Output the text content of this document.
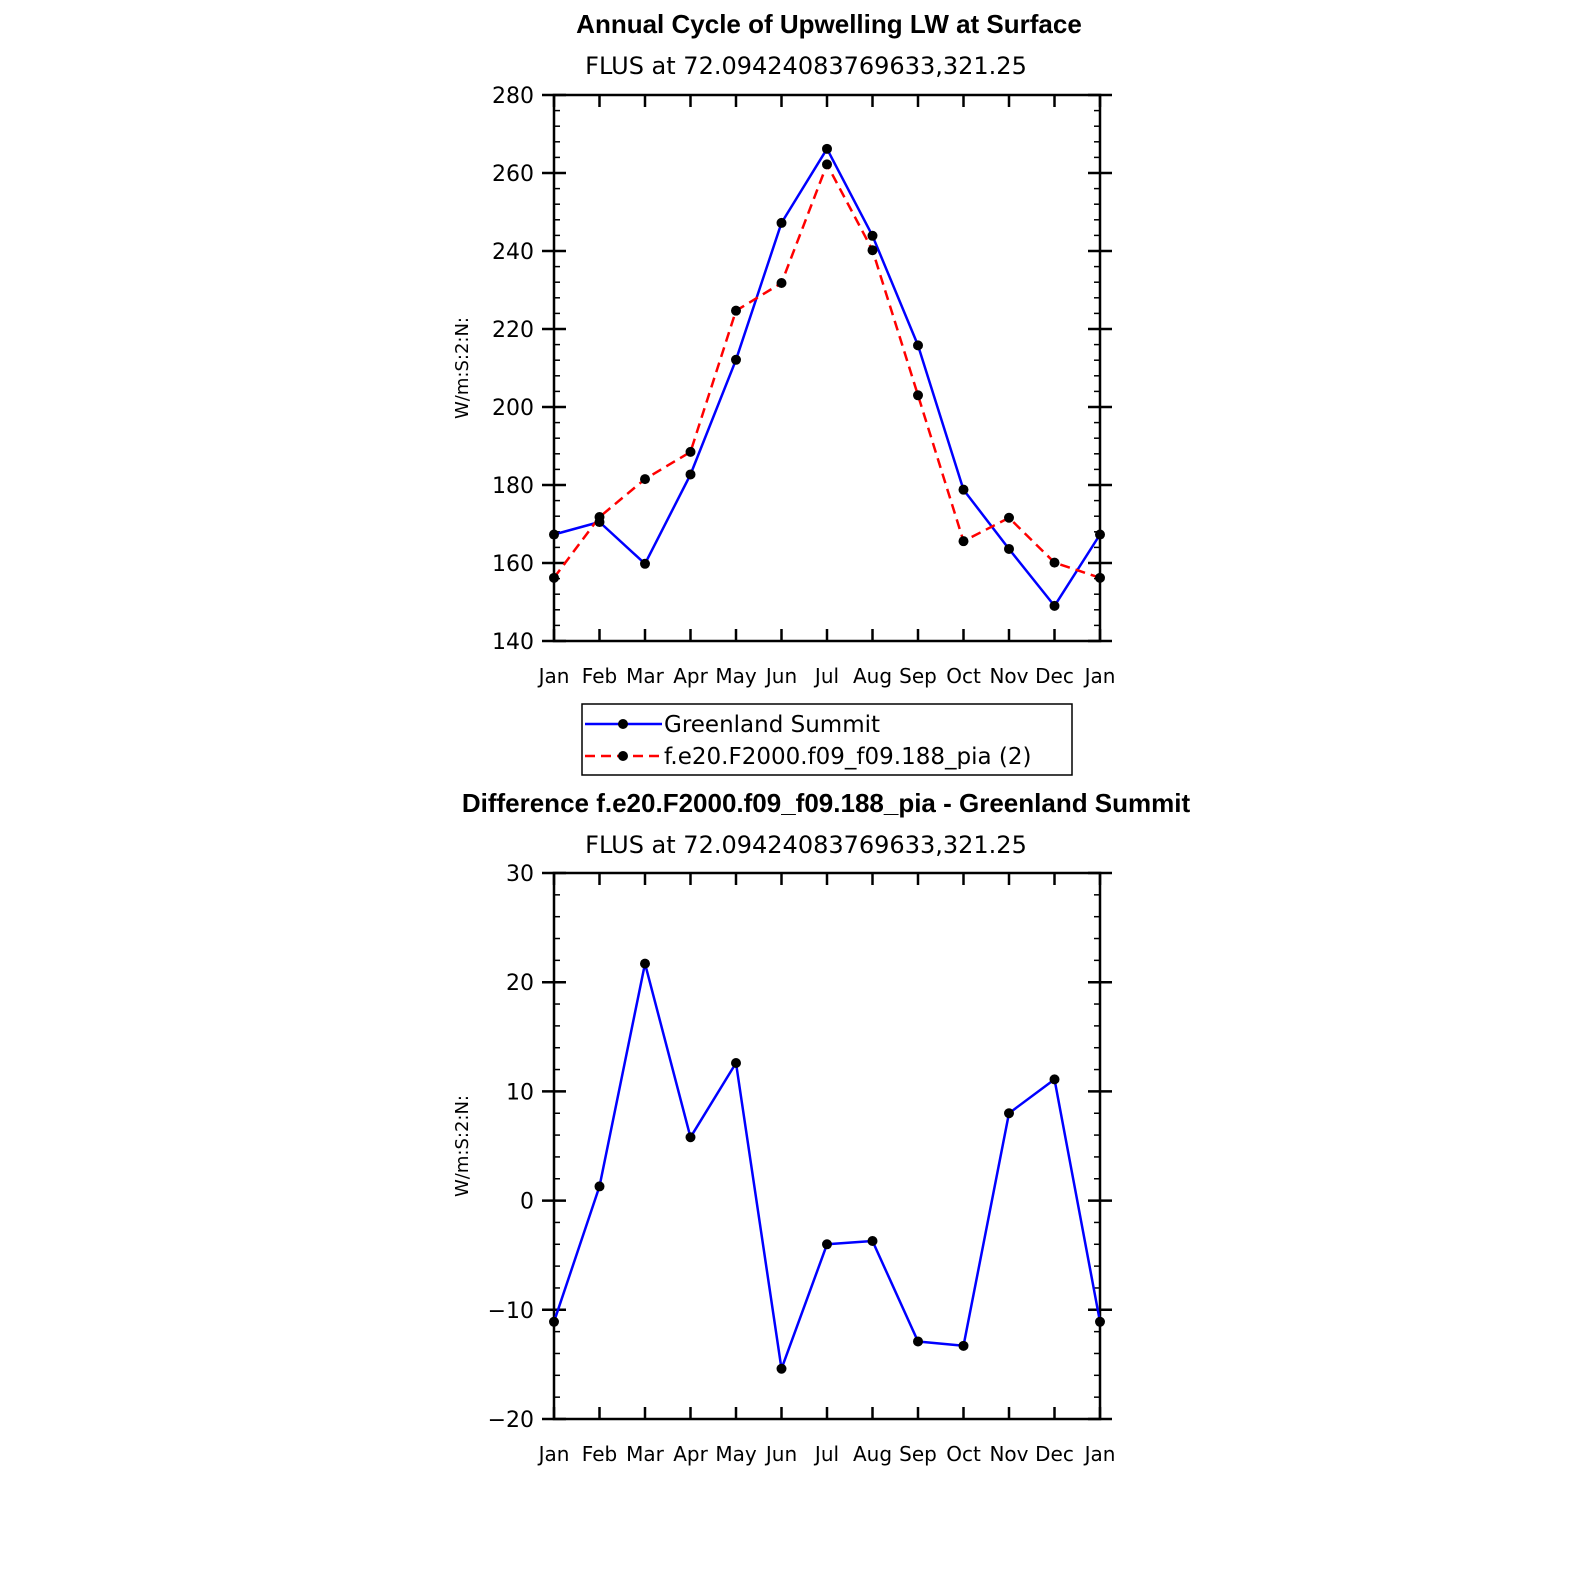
Annual Cycle of Upwelling LW at Surface
FLUS at 72.09424083769633,321.25
Jan Feb Mar Apr May Jun Jul Aug Sep Oct Nov Dec Jan
140
160
180
200
220
240
260
280
W/m:S:2:N:
Greenland Summit
f.e20.F2000.f09_f09.188_pia (2)
Difference f.e20.F2000.f09_f09.188_pia - Greenland Summit
FLUS at 72.09424083769633,321.25
Jan Feb Mar Apr May Jun Jul Aug Sep Oct Nov Dec Jan
−20
−10
0
10
20
30
W/m:S:2:N:
